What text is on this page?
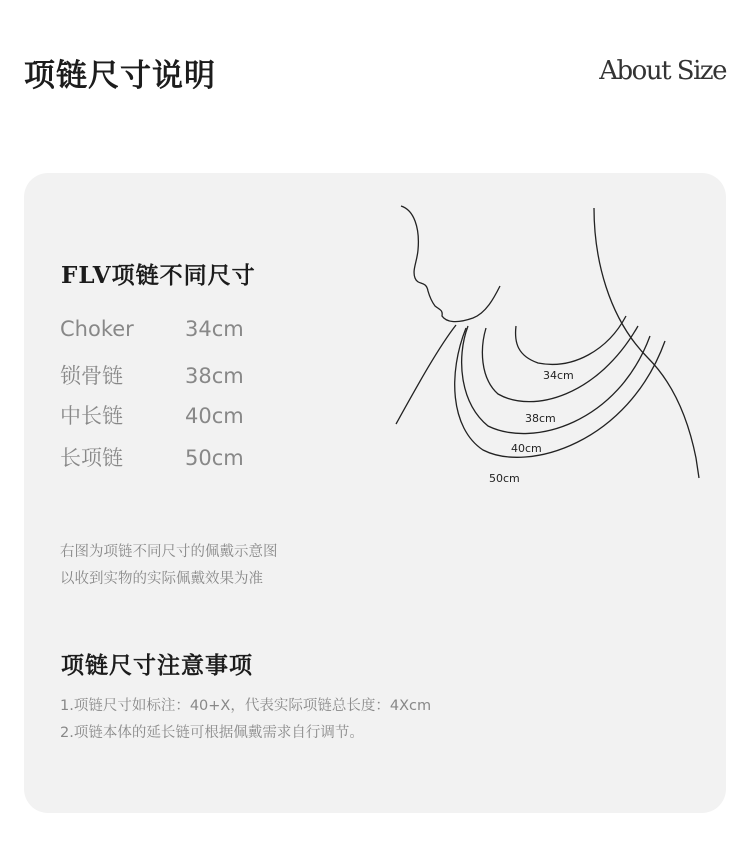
项链尺寸说明	About Size
FLV项链不同尺寸
Choker 34cm
锁骨链	38cm
中长链	40cm
长项链	50cm
34cm
38cm
40cm
50cm
右图为项链不同尺寸的佩戴示意图
以收到实物的实际佩戴效果为准
项链尺寸注意事项
1.项链尺寸如标注：40+X，代表实际项链总长度：4Xcm
2.项链本体的延长链可根据佩戴需求自行调节。
